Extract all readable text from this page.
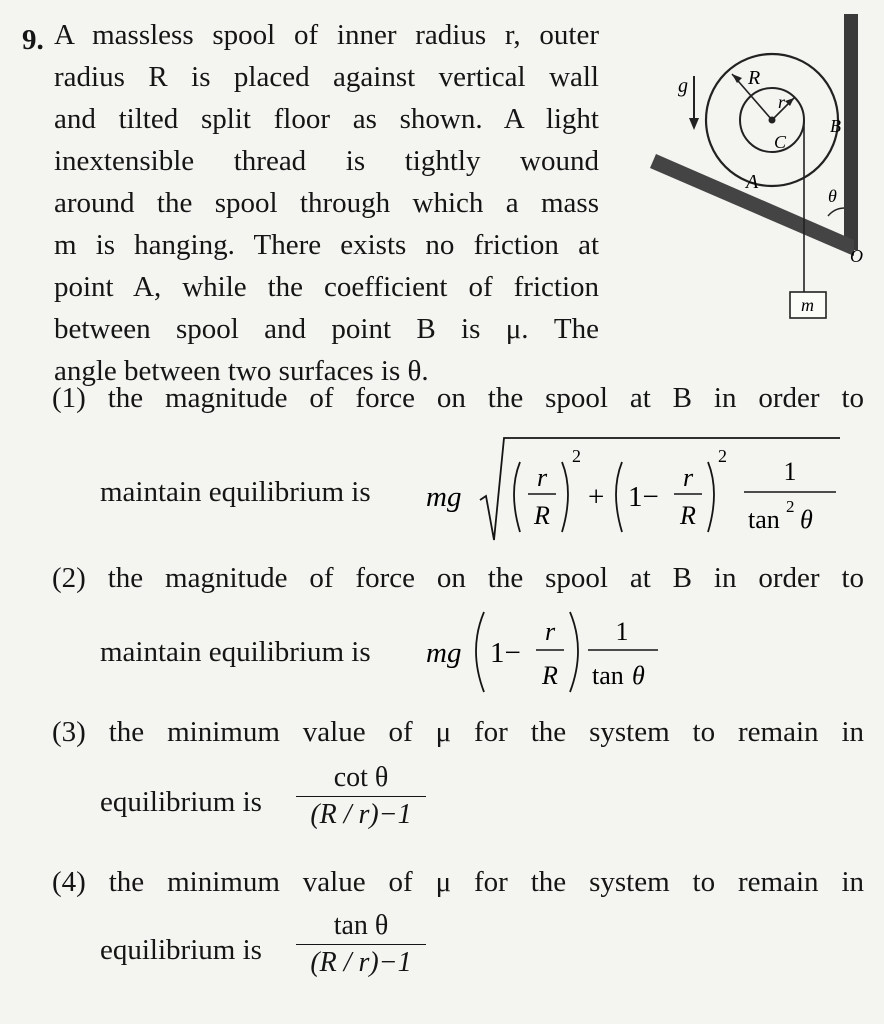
9. A massless spool of inner radius r, outer
radius R is placed against vertical wall
and tilted split floor as shown. A light
inextensible thread is tightly wound
around the spool through which a mass
m is hanging. There exists no friction at
point A, while the coefficient of friction
between spool and point B is μ. The
angle between two surfaces is θ.
g	R
r
C
A
B
θ
O
m
(1) the magnitude of force on the spool at B in order to
maintain equilibrium is mg
r
R
2
+ 1−
r
R
2
1
tan 2 θ
(2) the magnitude of force on the spool at B in order to
maintain equilibrium is mg 1−
r
R
1
tan θ
(3) the minimum value of μ for the system to remain in
equilibrium is $\frac{\text{cot θ}}{(R / r)-1}$
(4) the minimum value of μ for the system to remain in
equilibrium is $\frac{\text{tan θ}}{(R / r)-1}$
